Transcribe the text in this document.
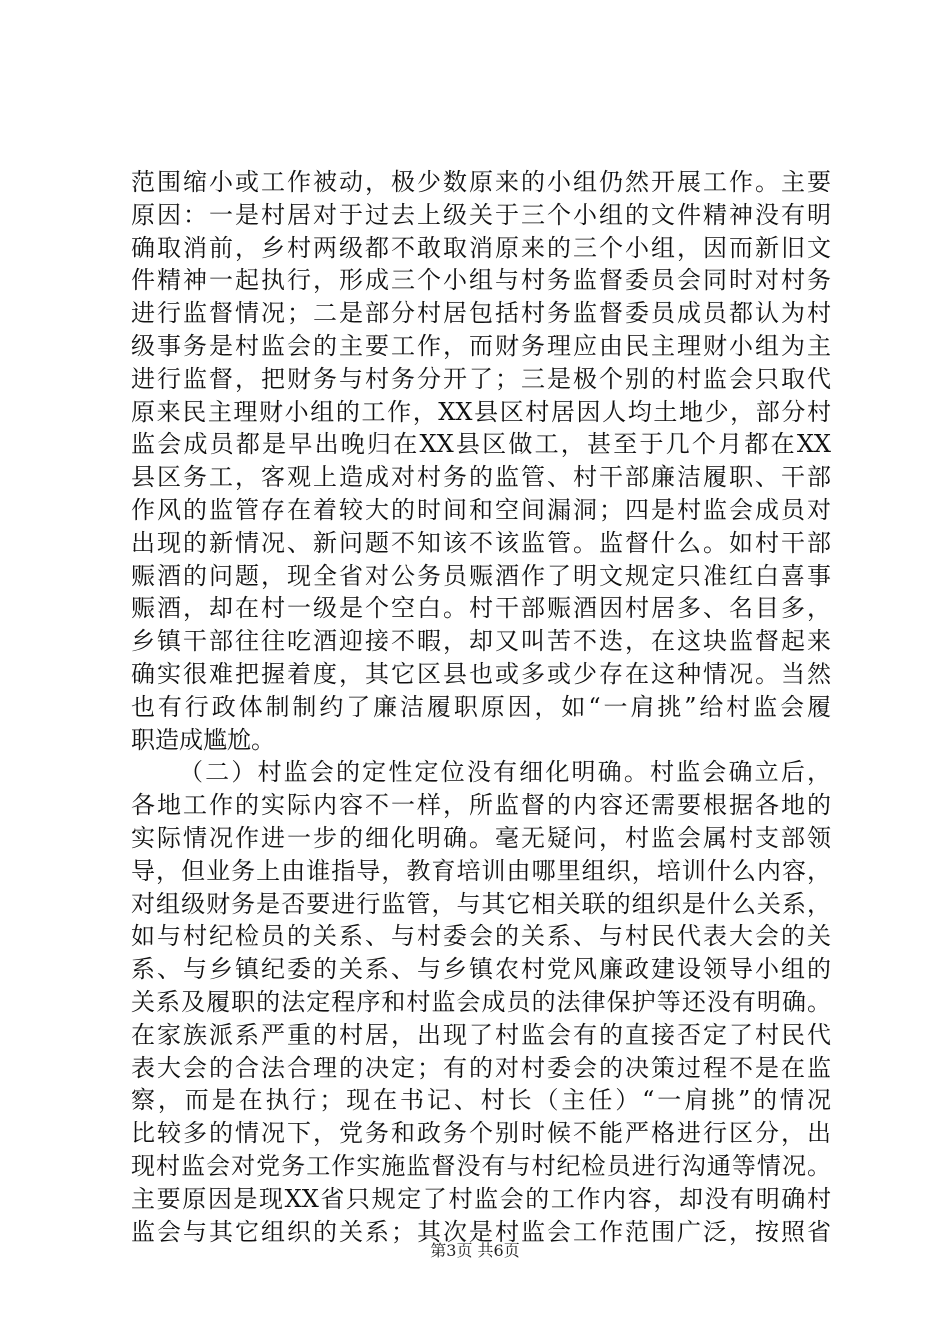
范围缩小或工作被动，极少数原来的小组仍然开展工作。主要
原因：一是村居对于过去上级关于三个小组的文件精神没有明
确取消前，乡村两级都不敢取消原来的三个小组，因而新旧文
件精神一起执行，形成三个小组与村务监督委员会同时对村务
进行监督情况；二是部分村居包括村务监督委员成员都认为村
级事务是村监会的主要工作，而财务理应由民主理财小组为主
进行监督，把财务与村务分开了；三是极个别的村监会只取代
原来民主理财小组的工作，XX县区村居因人均土地少，部分村
监会成员都是早出晚归在XX县区做工，甚至于几个月都在XX
县区务工，客观上造成对村务的监管、村干部廉洁履职、干部
作风的监管存在着较大的时间和空间漏洞；四是村监会成员对
出现的新情况、新问题不知该不该监管。监督什么。如村干部
赈酒的问题，现全省对公务员赈酒作了明文规定只准红白喜事
赈酒，却在村一级是个空白。村干部赈酒因村居多、名目多，
乡镇干部往往吃酒迎接不暇，却又叫苦不迭，在这块监督起来
确实很难把握着度，其它区县也或多或少存在这种情况。当然
也有行政体制制约了廉洁履职原因，如“一肩挑”给村监会履
职造成尴尬。
（二）村监会的定性定位没有细化明确。村监会确立后，
各地工作的实际内容不一样，所监督的内容还需要根据各地的
实际情况作进一步的细化明确。毫无疑问，村监会属村支部领
导，但业务上由谁指导，教育培训由哪里组织，培训什么内容，
对组级财务是否要进行监管，与其它相关联的组织是什么关系，
如与村纪检员的关系、与村委会的关系、与村民代表大会的关
系、与乡镇纪委的关系、与乡镇农村党风廉政建设领导小组的
关系及履职的法定程序和村监会成员的法律保护等还没有明确。
在家族派系严重的村居，出现了村监会有的直接否定了村民代
表大会的合法合理的决定；有的对村委会的决策过程不是在监
察，而是在执行；现在书记、村长（主任）“一肩挑”的情况
比较多的情况下，党务和政务个别时候不能严格进行区分，出
现村监会对党务工作实施监督没有与村纪检员进行沟通等情况。
主要原因是现XX省只规定了村监会的工作内容，却没有明确村
监会与其它组织的关系；其次是村监会工作范围广泛，按照省
第3页 共6页
